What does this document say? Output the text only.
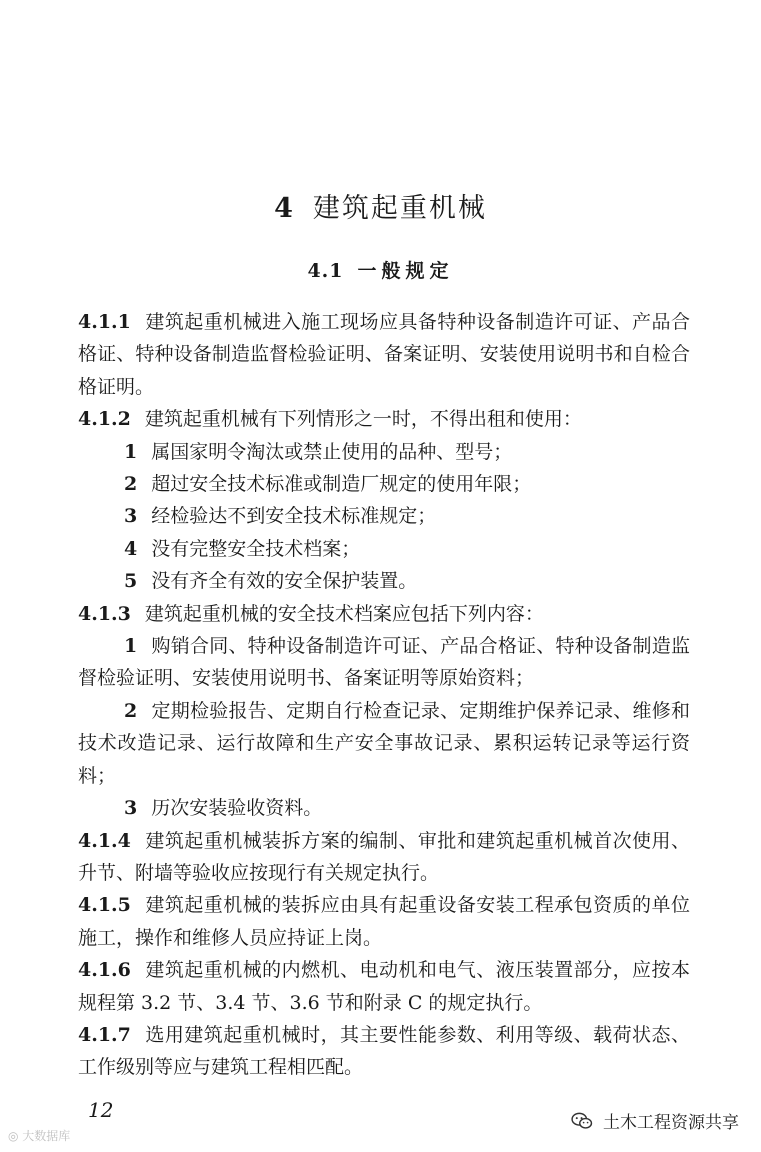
4 建筑起重机械
4.1 一般规定

4.1.1 建筑起重机械进入施工现场应具备特种设备制造许可证、产品合格证、特种设备制造监督检验证明、备案证明、安装使用说明书和自检合格证明。

4.1.2 建筑起重机械有下列情形之一时，不得出租和使用：

1 属国家明令淘汰或禁止使用的品种、型号；

2 超过安全技术标准或制造厂规定的使用年限；

3 经检验达不到安全技术标准规定；

4 没有完整安全技术档案；

5 没有齐全有效的安全保护装置。

4.1.3 建筑起重机械的安全技术档案应包括下列内容：

1 购销合同、特种设备制造许可证、产品合格证、特种设备制造监督检验证明、安装使用说明书、备案证明等原始资料；

2 定期检验报告、定期自行检查记录、定期维护保养记录、维修和技术改造记录、运行故障和生产安全事故记录、累积运转记录等运行资料；

3 历次安装验收资料。

4.1.4 建筑起重机械装拆方案的编制、审批和建筑起重机械首次使用、升节、附墙等验收应按现行有关规定执行。

4.1.5 建筑起重机械的装拆应由具有起重设备安装工程承包资质的单位施工，操作和维修人员应持证上岗。

4.1.6 建筑起重机械的内燃机、电动机和电气、液压装置部分，应按本规程第 3.2 节、3.4 节、3.6 节和附录 C 的规定执行。

4.1.7 选用建筑起重机械时，其主要性能参数、利用等级、载荷状态、工作级别等应与建筑工程相匹配。

12
◎ 大数据库
土木工程资源共享
